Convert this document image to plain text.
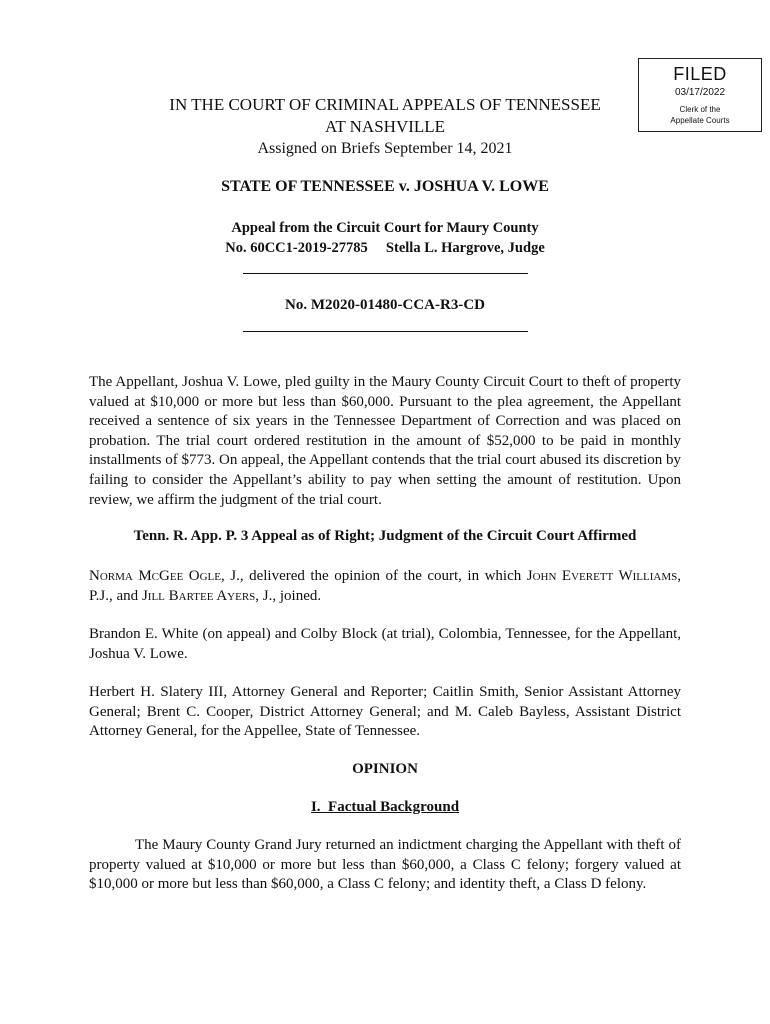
FILED
03/17/2022
Clerk of the
Appellate Courts
IN THE COURT OF CRIMINAL APPEALS OF TENNESSEE
AT NASHVILLE
Assigned on Briefs September 14, 2021
STATE OF TENNESSEE v. JOSHUA V. LOWE
Appeal from the Circuit Court for Maury County
No. 60CC1-2019-27785     Stella L. Hargrove, Judge
No. M2020-01480-CCA-R3-CD
The Appellant, Joshua V. Lowe, pled guilty in the Maury County Circuit Court to theft of property valued at $10,000 or more but less than $60,000. Pursuant to the plea agreement, the Appellant received a sentence of six years in the Tennessee Department of Correction and was placed on probation. The trial court ordered restitution in the amount of $52,000 to be paid in monthly installments of $773. On appeal, the Appellant contends that the trial court abused its discretion by failing to consider the Appellant’s ability to pay when setting the amount of restitution. Upon review, we affirm the judgment of the trial court.
Tenn. R. App. P. 3 Appeal as of Right; Judgment of the Circuit Court Affirmed
Norma McGee Ogle, J., delivered the opinion of the court, in which John Everett Williams, P.J., and Jill Bartee Ayers, J., joined.
Brandon E. White (on appeal) and Colby Block (at trial), Colombia, Tennessee, for the Appellant, Joshua V. Lowe.
Herbert H. Slatery III, Attorney General and Reporter; Caitlin Smith, Senior Assistant Attorney General; Brent C. Cooper, District Attorney General; and M. Caleb Bayless, Assistant District Attorney General, for the Appellee, State of Tennessee.
OPINION
I.  Factual Background
The Maury County Grand Jury returned an indictment charging the Appellant with theft of property valued at $10,000 or more but less than $60,000, a Class C felony; forgery valued at $10,000 or more but less than $60,000, a Class C felony; and identity theft, a Class D felony.
